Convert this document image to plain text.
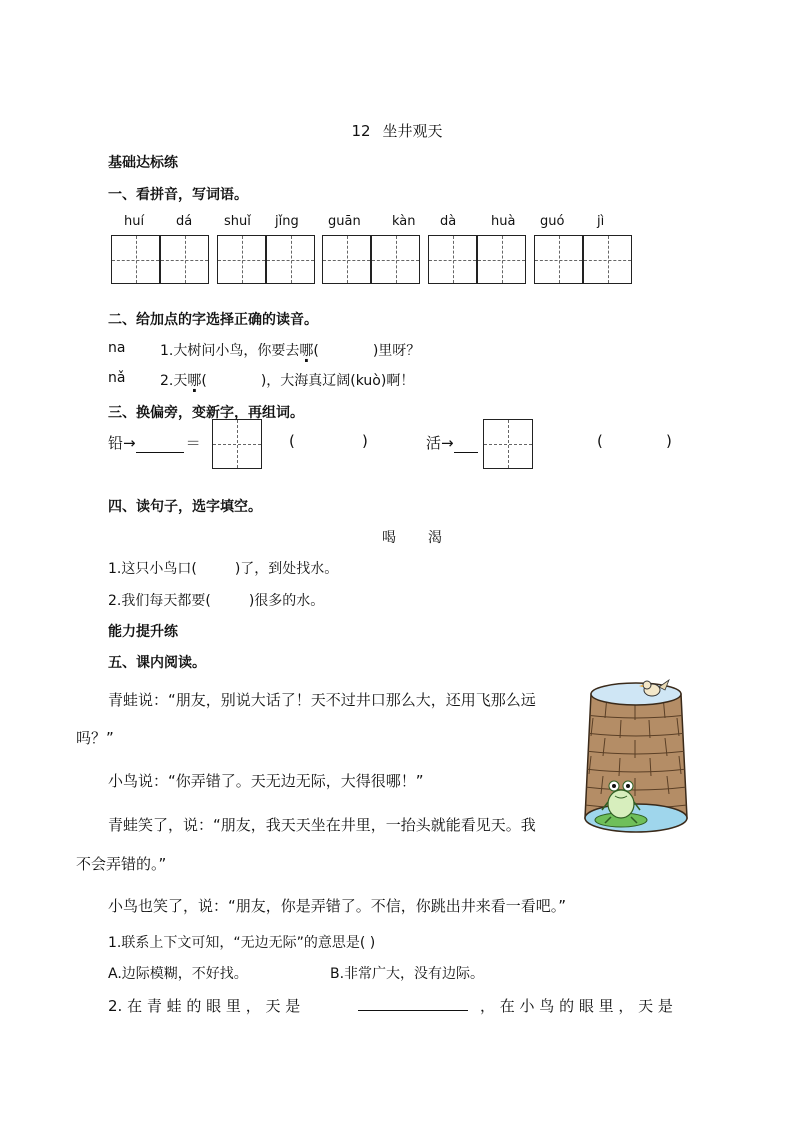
12 坐井观天
基础达标练
一、看拼音，写词语。
huí dá shuǐ jǐng guān kàn dà	huà guó	jì
二、给加点的字选择正确的读音。
na 1.大树问小鸟，你要去哪(	)里呀？
nǎ 2.天哪(	)，大海真辽阔(kuò)啊！
三、换偏旁，变新字，再组词。
铅→	＝	(	)	活→	(	)
四、读句子，选字填空。
喝 渴
1.这只小鸟口(	)了，到处找水。
2.我们每天都要(	)很多的水。
能力提升练
五、课内阅读。
青蛙说：“朋友，别说大话了！天不过井口那么大，还用飞那么远
吗？”
小鸟说：“你弄错了。天无边无际，大得很哪！”
青蛙笑了，说：“朋友，我天天坐在井里，一抬头就能看见天。我
不会弄错的。”
小鸟也笑了，说：“朋友，你是弄错了。不信，你跳出井来看一看吧。”
1.联系上下文可知，“无边无际”的意思是( )
A.边际模糊，不好找。	B.非常广大，没有边际。
2. 在 青 蛙 的 眼 里 ， 天 是	， 在 小 鸟 的 眼 里 ， 天 是
